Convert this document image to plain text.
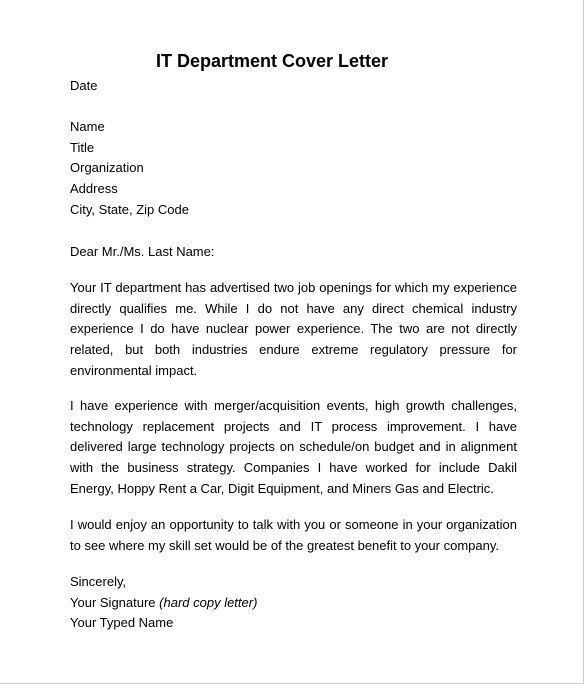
IT Department Cover Letter
Date
Name
Title
Organization
Address
City, State, Zip Code
Dear Mr./Ms. Last Name:

Your IT department has advertised two job openings for which my experience directly qualifies me. While I do not have any direct chemical industry experience I do have nuclear power experience. The two are not directly related, but both industries endure extreme regulatory pressure for environmental impact.

I have experience with merger/acquisition events, high growth challenges, technology replacement projects and IT process improvement. I have delivered large technology projects on schedule/on budget and in alignment with the business strategy. Companies I have worked for include Dakil Energy, Hoppy Rent a Car, Digit Equipment, and Miners Gas and Electric.

I would enjoy an opportunity to talk with you or someone in your organization to see where my skill set would be of the greatest benefit to your company.

Sincerely,
Your Signature (hard copy letter)
Your Typed Name
